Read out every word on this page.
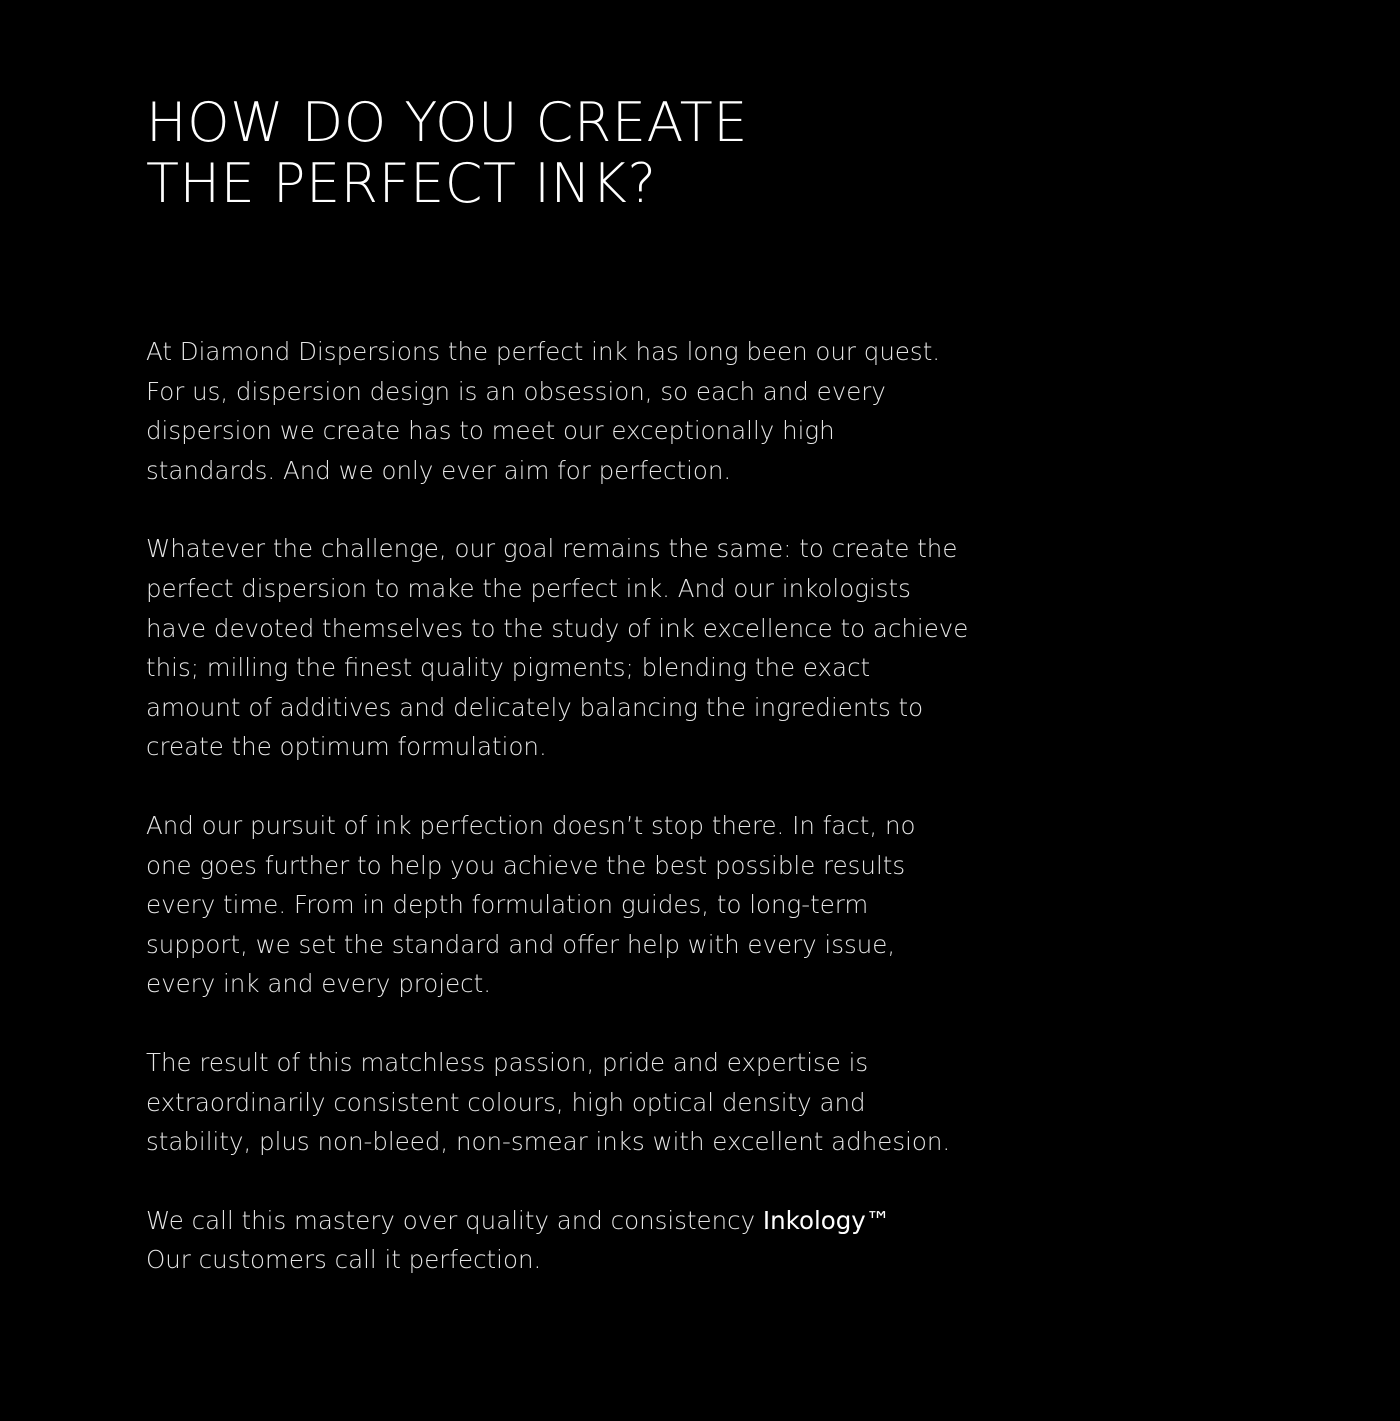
HOW DO YOU CREATE
THE PERFECT INK?

At Diamond Dispersions the perfect ink has long been our quest.
For us, dispersion design is an obsession, so each and every
dispersion we create has to meet our exceptionally high
standards. And we only ever aim for perfection.

Whatever the challenge, our goal remains the same: to create the
perfect dispersion to make the perfect ink. And our inkologists
have devoted themselves to the study of ink excellence to achieve
this; milling the finest quality pigments; blending the exact
amount of additives and delicately balancing the ingredients to
create the optimum formulation.

And our pursuit of ink perfection doesn’t stop there. In fact, no
one goes further to help you achieve the best possible results
every time. From in depth formulation guides, to long-term
support, we set the standard and offer help with every issue,
every ink and every project.

The result of this matchless passion, pride and expertise is
extraordinarily consistent colours, high optical density and
stability, plus non-bleed, non-smear inks with excellent adhesion.

We call this mastery over quality and consistency Inkology™
Our customers call it perfection.
